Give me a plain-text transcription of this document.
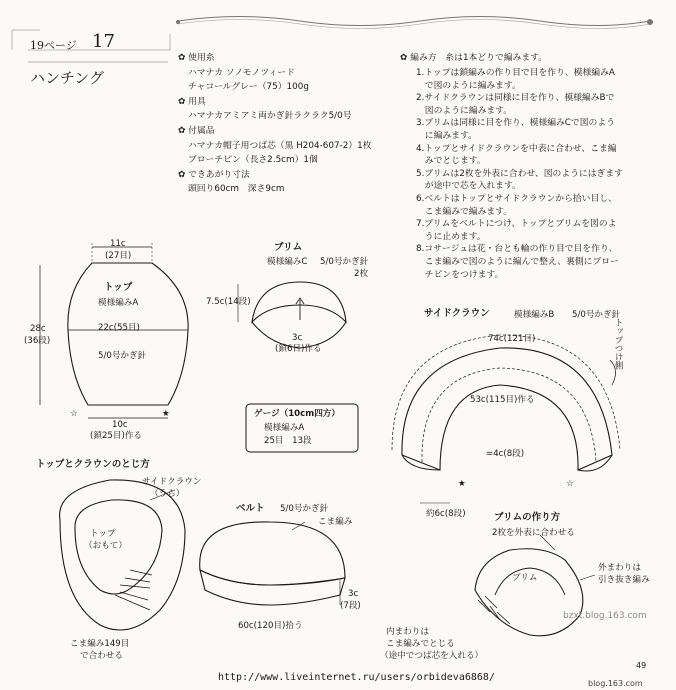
19ページ 17
ハンチング
✿ 使用糸
ハマナカ ソノモノツィード
チャコールグレー（75）100g
✿ 用具
ハマナカアミアミ両かぎ針ラクラク5/0号
✿ 付属品
ハマナカ帽子用つば芯（黒 H204-607-2）1枚
ブローチピン（長さ2.5cm）1個
✿ できあがり寸法
頭回り60cm　深さ9cm
✿ 編み方　糸は1本どりで編みます。
1.トップは鎖編みの作り目で目を作り、模様編みA
　で図のように編みます。
2.サイドクラウンは同様に目を作り、模様編みBで
　図のように編みます。
3.ブリムは同様に目を作り、模様編みCで図のよう
　に編みます。
4.トップとサイドクラウンを中表に合わせ、こま編
　みでとじます。
5.ブリムは2枚を外表に合わせ、図のようにはぎます
　が途中で芯を入れます。
6.ベルトはトップとサイドクラウンから拾い目し、
　こま編みで編みます。
7.ブリムをベルトにつけ、トップとブリムを図のよ
　うに止めます。
8.コサージュは花・台とも輪の作り目で目を作り、
　こま編みで図のように編んで整え、裏側にブロー
　チピンをつけます。
11c
(27目)
トップ
模様編みA
22c(55目)
5/0号かぎ針
28c
(36段)
10c
(鎖25目)作る
☆	★
ブリム
模様編みC 5/0号かぎ針
2枚
7.5c(14段)
3c
(鎖6目)作る
ゲージ（10cm四方）
模様編みA
25目　13段
サイドクラウン	模様編みB 5/0号かぎ針
74c(121目)
53c(115目)作る
=4c(8段)
約6c(8段)
トップつけ側
★	☆
トップとクラウンのとじ方
サイドクラウン
（うら）
トップ
（おもて）
こま編み149目
で合わせる
ベルト 5/0号かぎ針
こま編み
3c
(7段)
60c(120目)拾う
ブリムの作り方
2枚を外表に合わせる
ブリム
外まわりは
引き抜き編み
内まわりは
こま編みでとじる
（途中でつば芯を入れる）
bzxt.blog.163.com
49
http://www.liveinternet.ru/users/orbideva6868/
blog.163.com
